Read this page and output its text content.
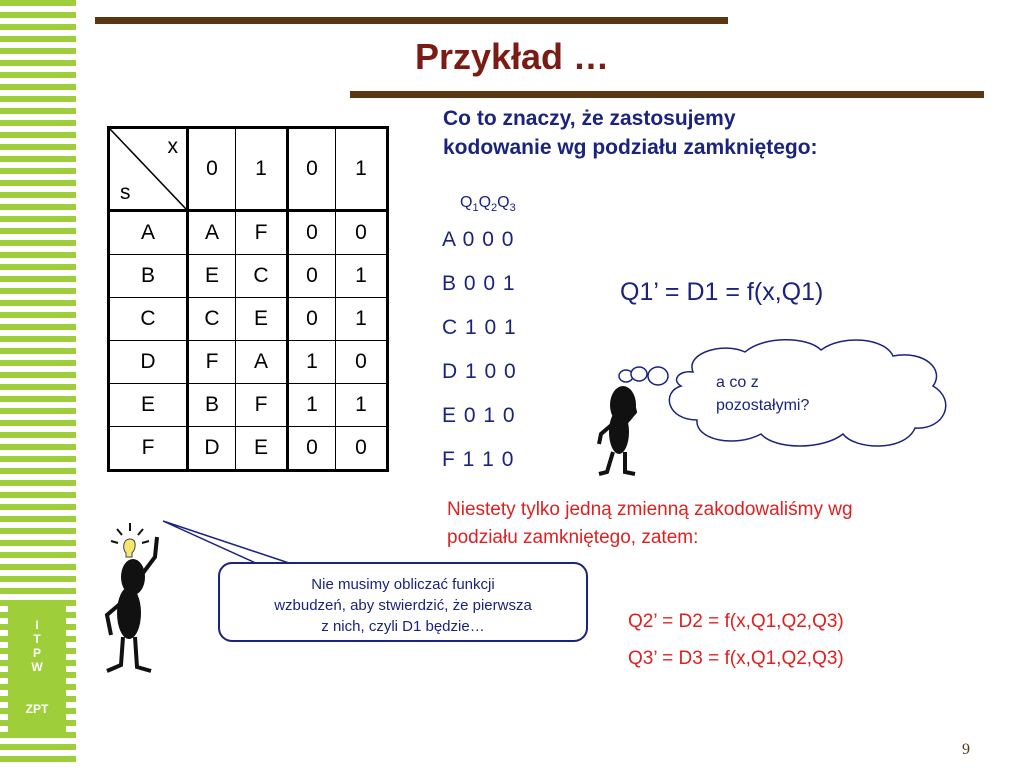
I
T
P
W
ZPT
Przykład …
x
s	0	1	0	1
A	A	F	0	0
B	E	C	0	1
C	C	E	0	1
D	F	A	1	0
E	B	F	1	1
F	D	E	0	0
Co to znaczy, że zastosujemy
kodowanie wg podziału zamkniętego:
$Q_1Q_2Q_3$
A 0 0 0
B 0 0 1
C 1 0 1
D 1 0 0
E 0 1 0
F 1 1 0
Q1’ = D1 = f(x,Q1)
a co z
pozostałymi?
Nie musimy obliczać funkcji
wzbudzeń, aby stwierdzić, że pierwsza
z nich, czyli D1 będzie…
Niestety tylko jedną zmienną zakodowaliśmy wg
podziału zamkniętego, zatem:
Q2’ = D2 = f(x,Q1,Q2,Q3)
Q3’ = D3 = f(x,Q1,Q2,Q3)
9
